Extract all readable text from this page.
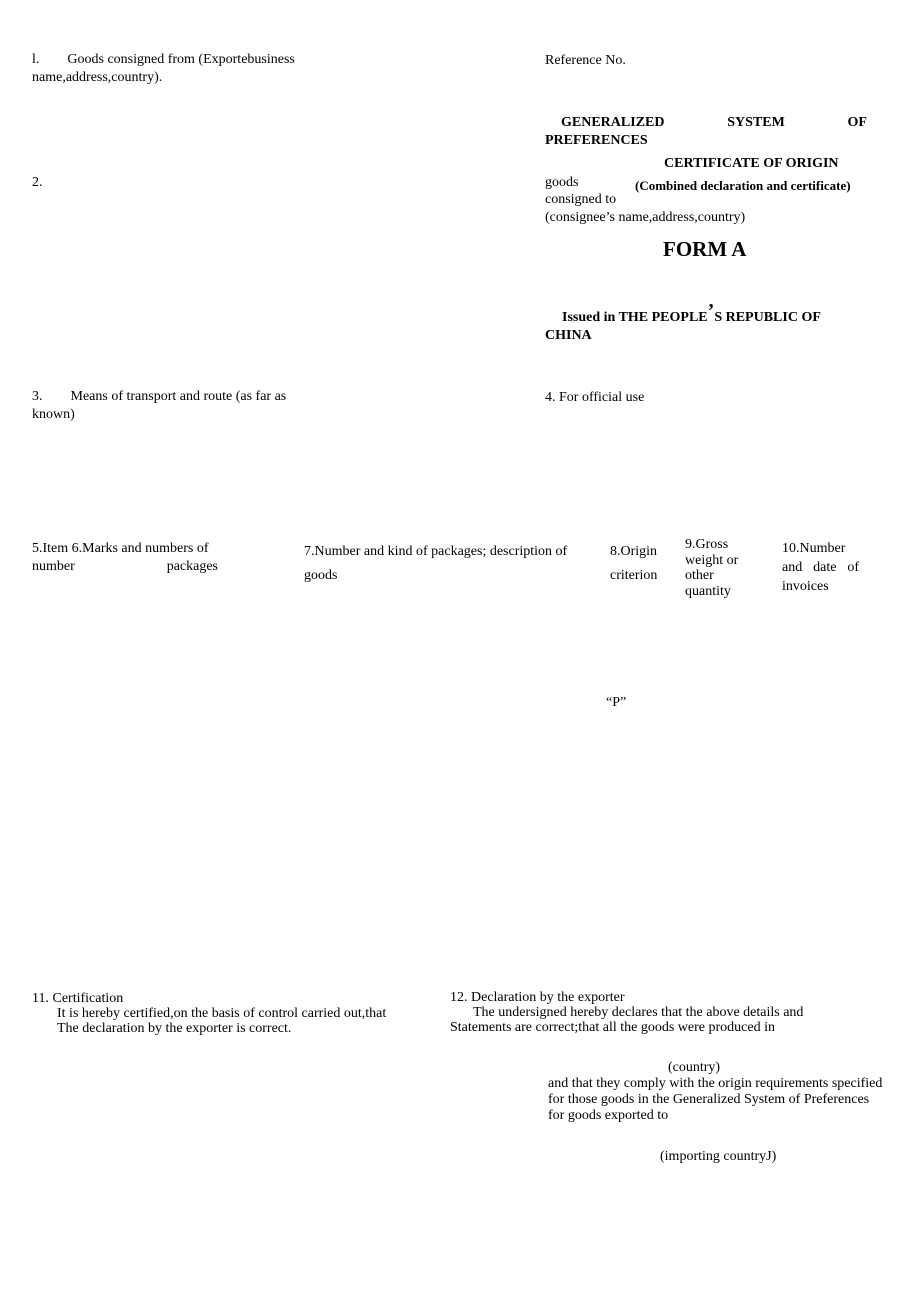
l. Goods consigned from (Exportebusiness
name,address,country).
Reference No.
GENERALIZED	SYSTEM	OF
PREFERENCES
CERTIFICATE OF ORIGIN
(Combined declaration and certificate)
2.	goods
consigned to
(consignee’s name,address,country)
FORM A
Issued in THE PEOPLE’S REPUBLIC OF
CHINA
3. Means of transport and route (as far as
known)
4. For official use
5.Item 6.Marks and numbers of
number	packages
7.Number and kind of packages; description of
goods
8.Origin
criterion
9.Gross
weight or
other
quantity
10.Number
and date of
invoices
“P”
11. Certification
It is hereby certified,on the basis of control carried out,that
The declaration by the exporter is correct.
12. Declaration by the exporter
The undersigned hereby declares that the above details and
Statements are correct;that all the goods were produced in
(country)
and that they comply with the origin requirements specified
for those goods in the Generalized System of Preferences
for goods exported to
(importing countryJ)
